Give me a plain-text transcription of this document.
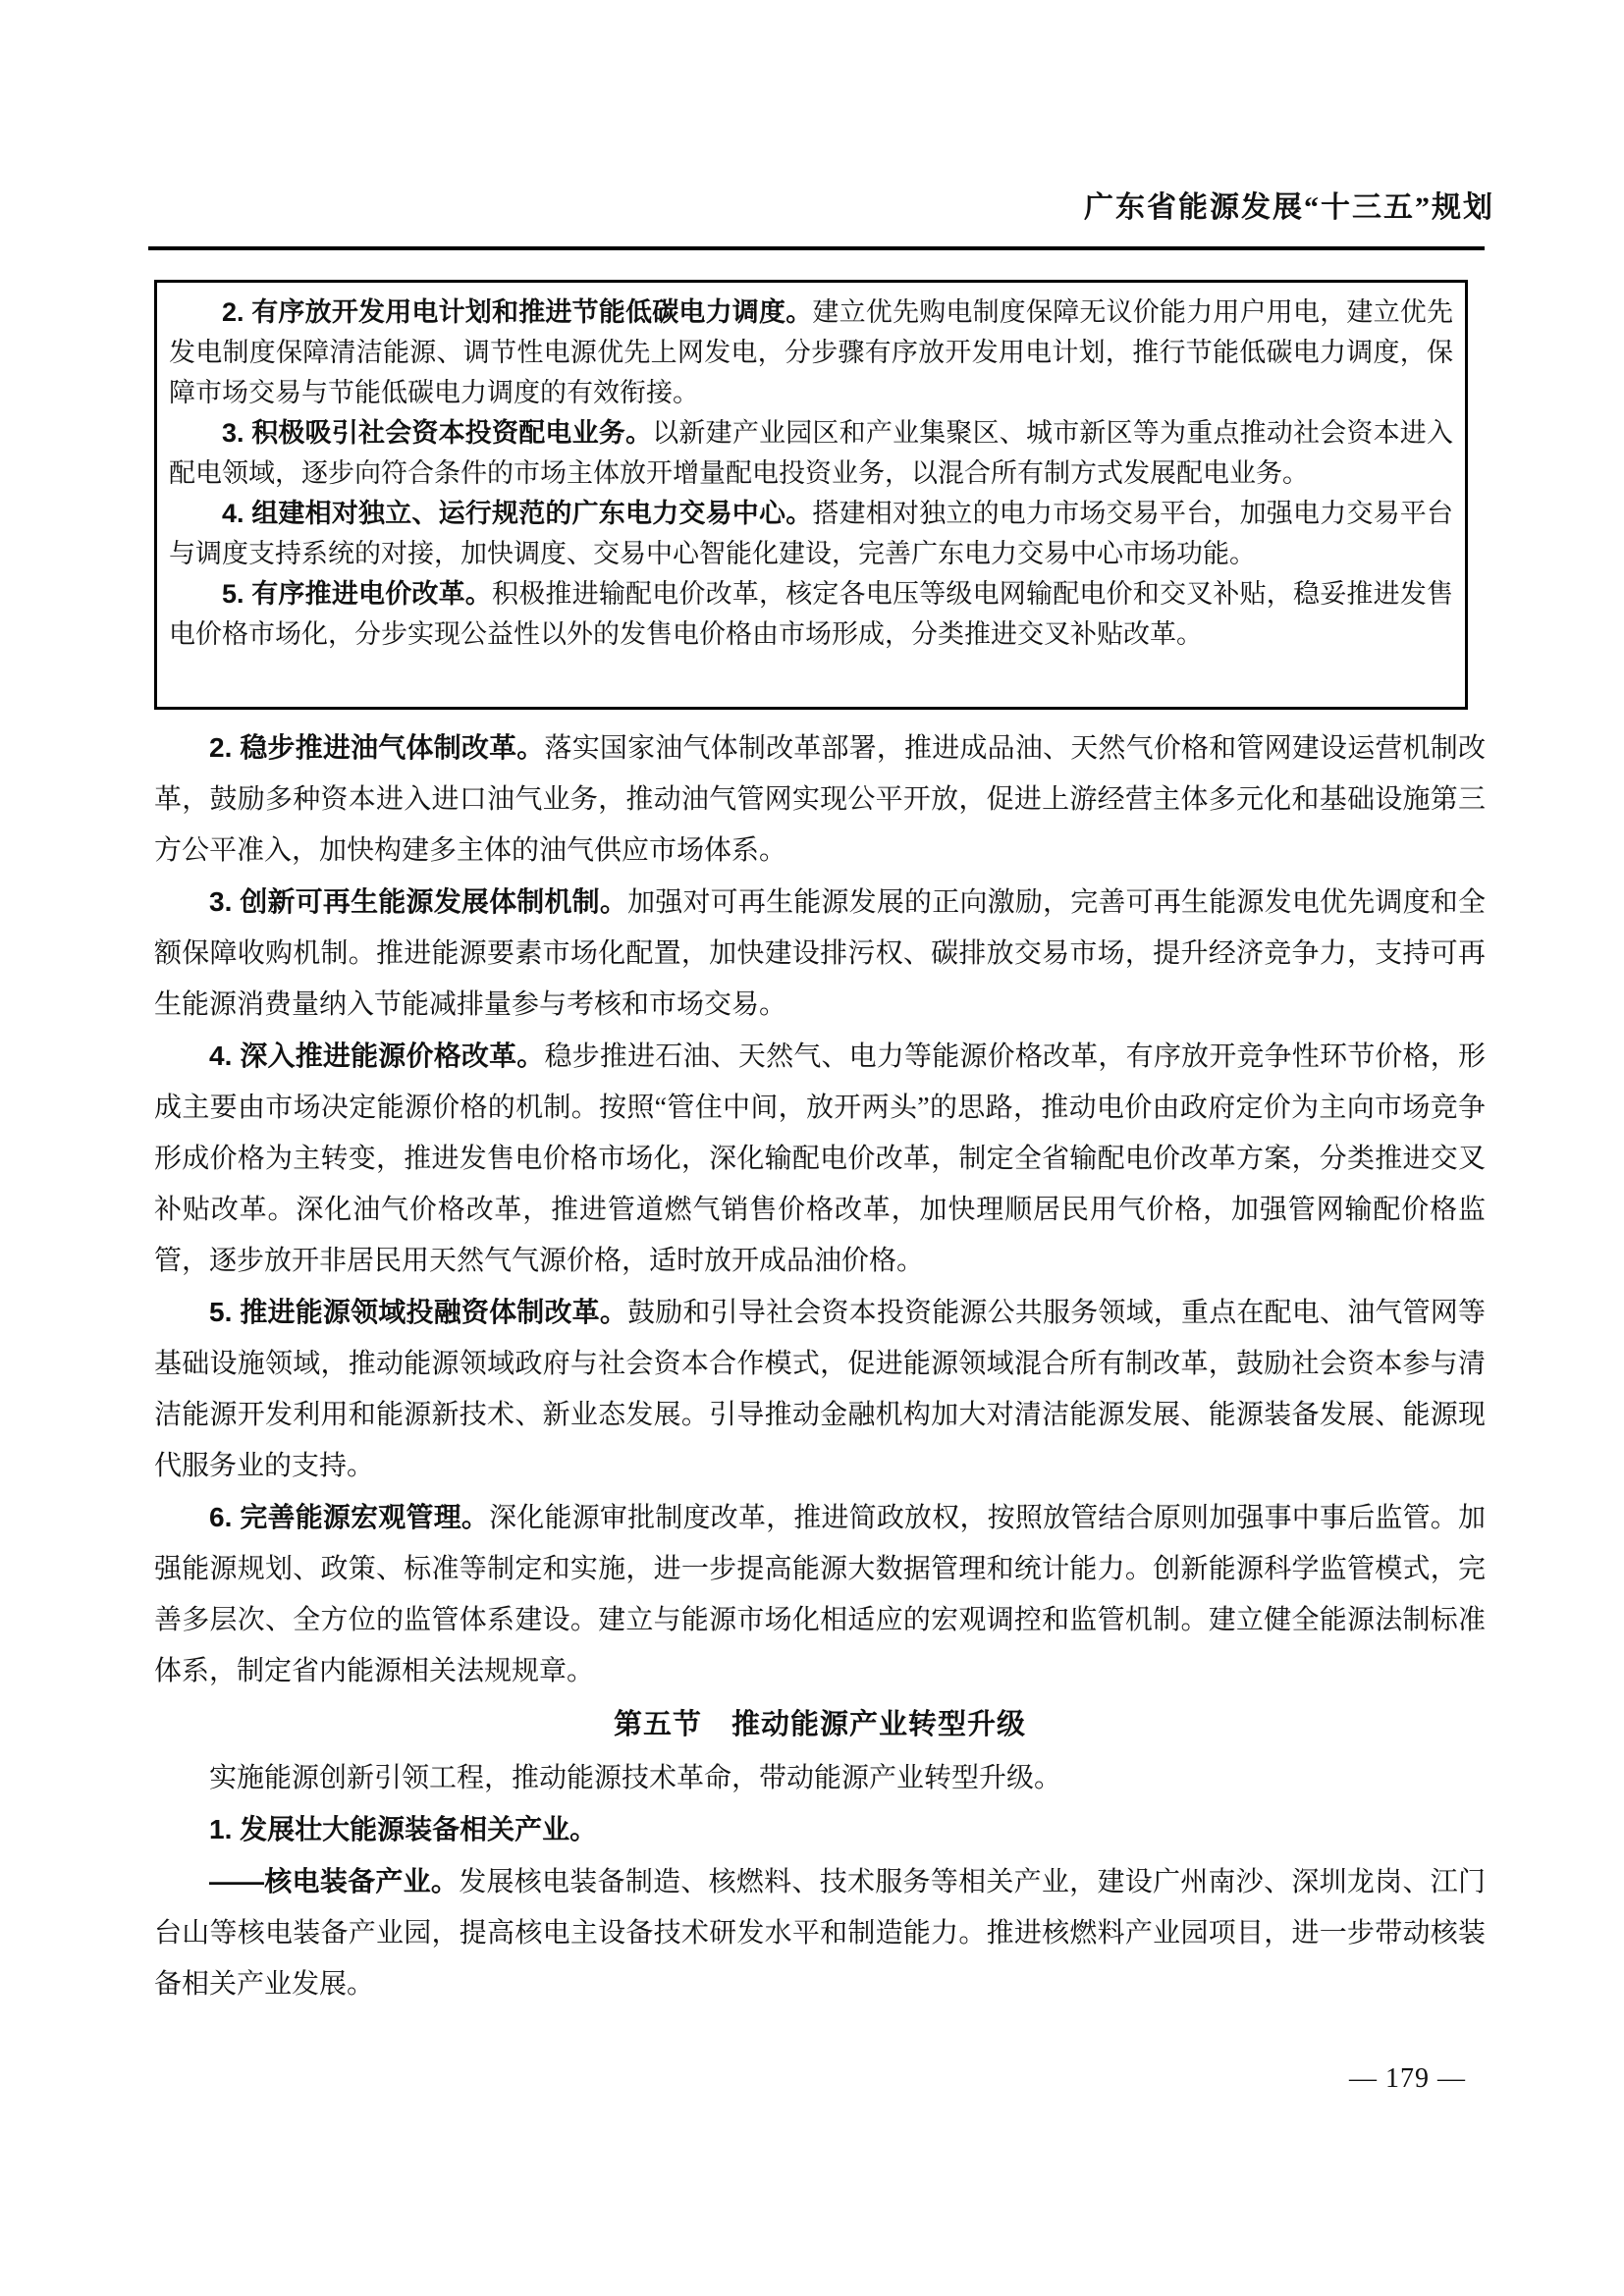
广东省能源发展“十三五”规划

2. 有序放开发用电计划和推进节能低碳电力调度。建立优先购电制度保障无议价能力用户用电，建立优先发电制度保障清洁能源、调节性电源优先上网发电，分步骤有序放开发用电计划，推行节能低碳电力调度，保障市场交易与节能低碳电力调度的有效衔接。

3. 积极吸引社会资本投资配电业务。以新建产业园区和产业集聚区、城市新区等为重点推动社会资本进入配电领域，逐步向符合条件的市场主体放开增量配电投资业务，以混合所有制方式发展配电业务。

4. 组建相对独立、运行规范的广东电力交易中心。搭建相对独立的电力市场交易平台，加强电力交易平台与调度支持系统的对接，加快调度、交易中心智能化建设，完善广东电力交易中心市场功能。

5. 有序推进电价改革。积极推进输配电价改革，核定各电压等级电网输配电价和交叉补贴，稳妥推进发售电价格市场化，分步实现公益性以外的发售电价格由市场形成，分类推进交叉补贴改革。

2. 稳步推进油气体制改革。落实国家油气体制改革部署，推进成品油、天然气价格和管网建设运营机制改革，鼓励多种资本进入进口油气业务，推动油气管网实现公平开放，促进上游经营主体多元化和基础设施第三方公平准入，加快构建多主体的油气供应市场体系。

3. 创新可再生能源发展体制机制。加强对可再生能源发展的正向激励，完善可再生能源发电优先调度和全额保障收购机制。推进能源要素市场化配置，加快建设排污权、碳排放交易市场，提升经济竞争力，支持可再生能源消费量纳入节能减排量参与考核和市场交易。

4. 深入推进能源价格改革。稳步推进石油、天然气、电力等能源价格改革，有序放开竞争性环节价格，形成主要由市场决定能源价格的机制。按照“管住中间，放开两头”的思路，推动电价由政府定价为主向市场竞争形成价格为主转变，推进发售电价格市场化，深化输配电价改革，制定全省输配电价改革方案，分类推进交叉补贴改革。深化油气价格改革，推进管道燃气销售价格改革，加快理顺居民用气价格，加强管网输配价格监管，逐步放开非居民用天然气气源价格，适时放开成品油价格。

5. 推进能源领域投融资体制改革。鼓励和引导社会资本投资能源公共服务领域，重点在配电、油气管网等基础设施领域，推动能源领域政府与社会资本合作模式，促进能源领域混合所有制改革，鼓励社会资本参与清洁能源开发利用和能源新技术、新业态发展。引导推动金融机构加大对清洁能源发展、能源装备发展、能源现代服务业的支持。

6. 完善能源宏观管理。深化能源审批制度改革，推进简政放权，按照放管结合原则加强事中事后监管。加强能源规划、政策、标准等制定和实施，进一步提高能源大数据管理和统计能力。创新能源科学监管模式，完善多层次、全方位的监管体系建设。建立与能源市场化相适应的宏观调控和监管机制。建立健全能源法制标准体系，制定省内能源相关法规规章。

第五节　推动能源产业转型升级

实施能源创新引领工程，推动能源技术革命，带动能源产业转型升级。

1. 发展壮大能源装备相关产业。

——核电装备产业。发展核电装备制造、核燃料、技术服务等相关产业，建设广州南沙、深圳龙岗、江门台山等核电装备产业园，提高核电主设备技术研发水平和制造能力。推进核燃料产业园项目，进一步带动核装备相关产业发展。

— 179 —
